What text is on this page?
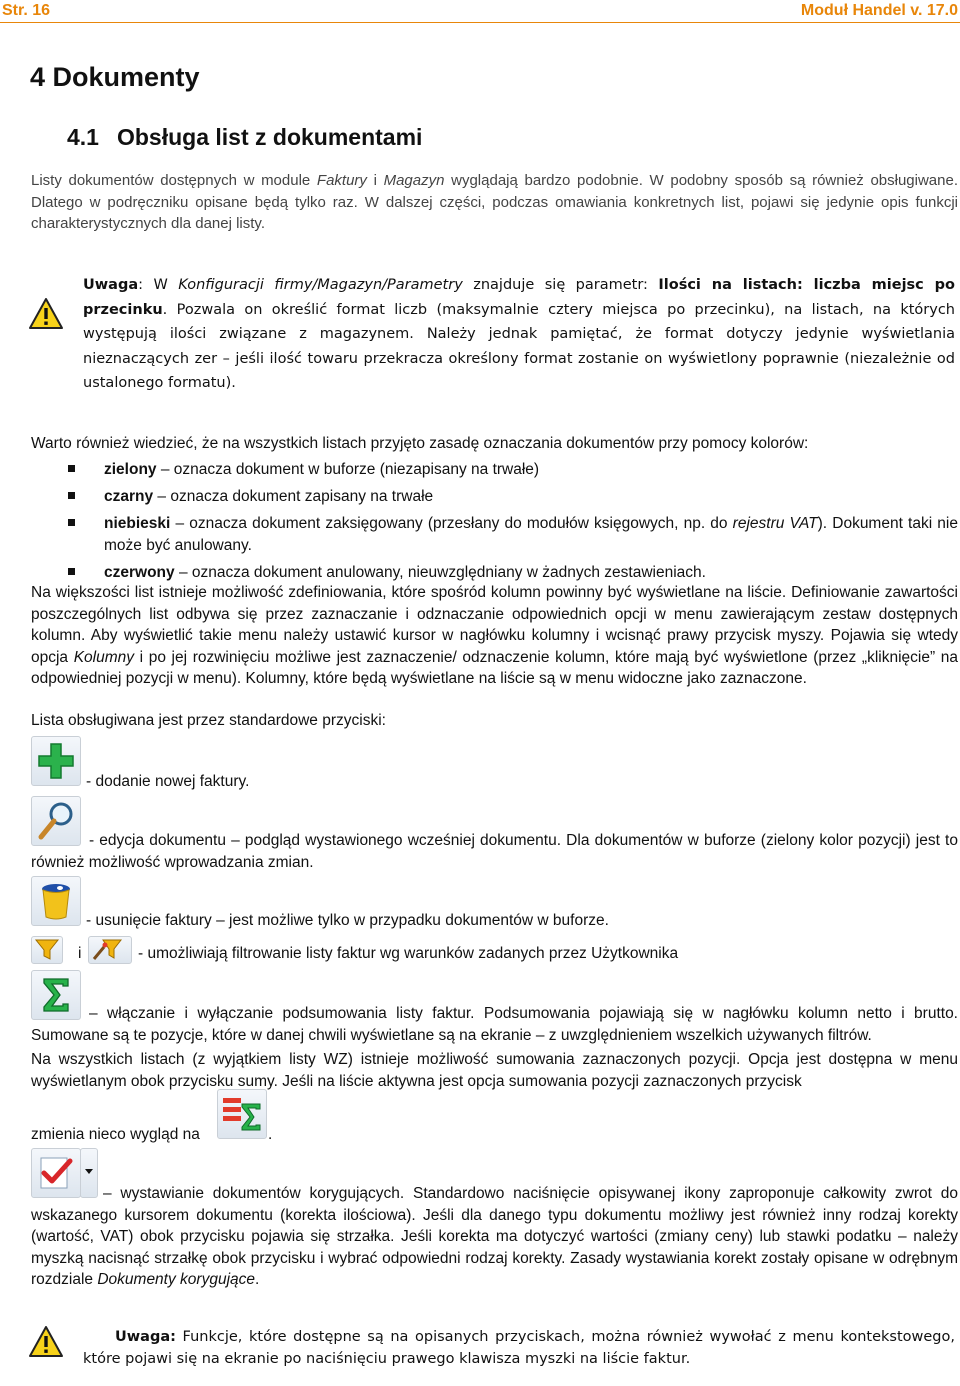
Str. 16	Moduł Handel v. 17.0
4 Dokumenty
4.1 Obsługa list z dokumentami
Listy dokumentów dostępnych w module Faktury i Magazyn wyglądają bardzo podobnie. W podobny sposób są również obsługiwane. Dlatego w podręczniku opisane będą tylko raz. W dalszej części, podczas omawiania konkretnych list, pojawi się jedynie opis funkcji charakterystycznych dla danej listy.
Uwaga: W Konfiguracji firmy/Magazyn/Parametry znajduje się parametr: Ilości na listach: liczba miejsc po przecinku. Pozwala on określić format liczb (maksymalnie cztery miejsca po przecinku), na listach, na których występują ilości związane z magazynem. Należy jednak pamiętać, że format dotyczy jedynie wyświetlania nieznaczących zer – jeśli ilość towaru przekracza określony format zostanie on wyświetlony poprawnie (niezależnie od ustalonego formatu).
Warto również wiedzieć, że na wszystkich listach przyjęto zasadę oznaczania dokumentów przy pomocy kolorów:
zielony – oznacza dokument w buforze (niezapisany na trwałe)
czarny – oznacza dokument zapisany na trwałe
niebieski – oznacza dokument zaksięgowany (przesłany do modułów księgowych, np. do rejestru VAT). Dokument taki nie może być anulowany.
czerwony – oznacza dokument anulowany, nieuwzględniany w żadnych zestawieniach.
Na większości list istnieje możliwość zdefiniowania, które spośród kolumn powinny być wyświetlane na liście. Definiowanie zawartości poszczególnych list odbywa się przez zaznaczanie i odznaczanie odpowiednich opcji w menu zawierającym zestaw dostępnych kolumn. Aby wyświetlić takie menu należy ustawić kursor w nagłówku kolumny i wcisnąć prawy przycisk myszy. Pojawia się wtedy opcja Kolumny i po jej rozwinięciu możliwe jest zaznaczenie/ odznaczenie kolumn, które mają być wyświetlone (przez „kliknięcie” na odpowiedniej pozycji w menu). Kolumny, które będą wyświetlane na liście są w menu widoczne jako zaznaczone.
Lista obsługiwana jest przez standardowe przyciski:
- dodanie nowej faktury.
- edycja dokumentu – podgląd wystawionego wcześniej dokumentu. Dla dokumentów w buforze (zielony kolor pozycji) jest to również możliwość wprowadzania zmian.
- usunięcie faktury – jest możliwe tylko w przypadku dokumentów w buforze.
i	- umożliwiają filtrowanie listy faktur wg warunków zadanych przez Użytkownika
– włączanie i wyłączanie podsumowania listy faktur. Podsumowania pojawiają się w nagłówku kolumn netto i brutto. Sumowane są te pozycje, które w danej chwili wyświetlane są na ekranie – z uwzględnieniem wszelkich używanych filtrów.
Na wszystkich listach (z wyjątkiem listy WZ) istnieje możliwość sumowania zaznaczonych pozycji. Opcja jest dostępna w menu wyświetlanym obok przycisku sumy. Jeśli na liście aktywna jest opcja sumowania pozycji zaznaczonych przycisk
zmienia nieco wygląd na	.
– wystawianie dokumentów korygujących. Standardowo naciśnięcie opisywanej ikony zaproponuje całkowity zwrot do wskazanego kursorem dokumentu (korekta ilościowa). Jeśli dla danego typu dokumentu możliwy jest również inny rodzaj korekty (wartość, VAT) obok przycisku pojawia się strzałka. Jeśli korekta ma dotyczyć wartości (zmiany ceny) lub stawki podatku – należy myszką nacisnąć strzałkę obok przycisku i wybrać odpowiedni rodzaj korekty. Zasady wystawiania korekt zostały opisane w odrębnym rozdziale Dokumenty korygujące.
Uwaga: Funkcje, które dostępne są na opisanych przyciskach, można również wywołać z menu kontekstowego, które pojawi się na ekranie po naciśnięciu prawego klawisza myszki na liście faktur.
